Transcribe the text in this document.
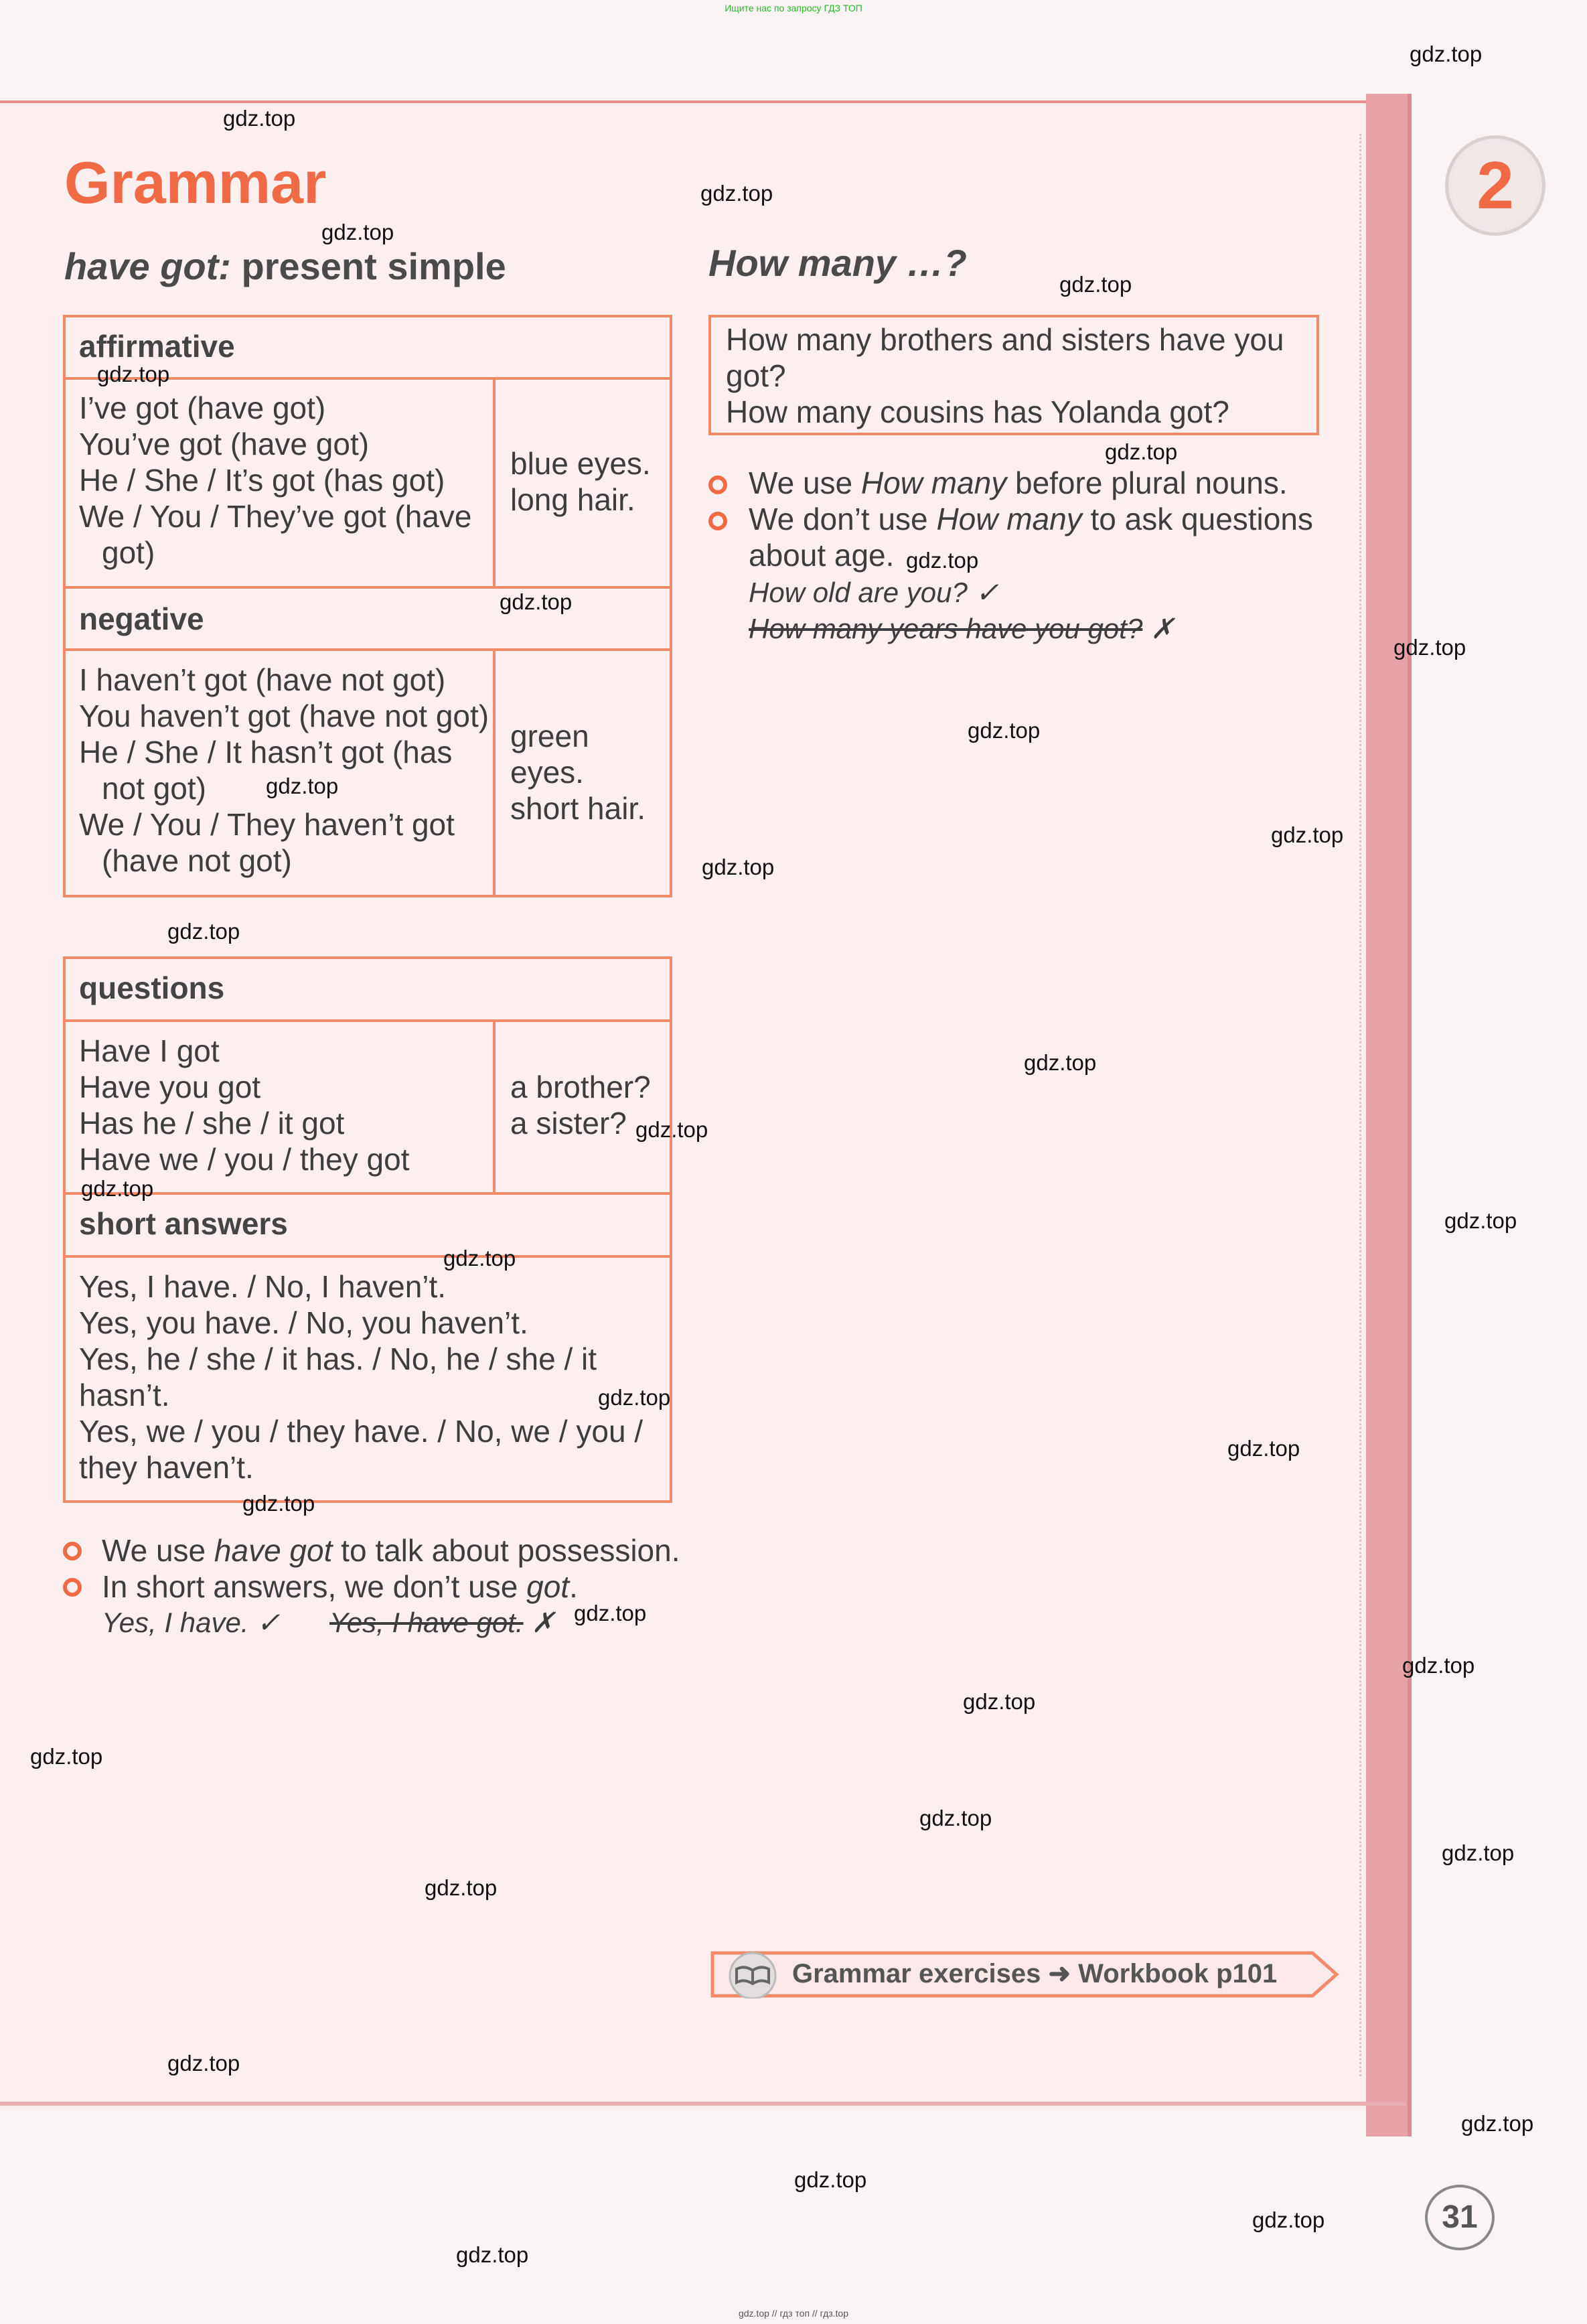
Ищите нас по запросу ГДЗ ТОП
2
Grammar
have got: present simple	How many …?
affirmative
I’ve got (have got)
You’ve got (have got)
He / She / It’s got (has got)
We / You / They’ve got (have
got)
blue eyes.
long hair.
negative
I haven’t got (have not got)
You haven’t got (have not got)
He / She / It hasn’t got (has
not got)
We / You / They haven’t got
(have not got)
green
eyes.
short hair.
questions
Have I got
Have you got
Has he / she / it got
Have we / you / they got
a brother?
a sister?
short answers
Yes, I have. / No, I haven’t.
Yes, you have. / No, you haven’t.
Yes, he / she / it has. / No, he / she / it
hasn’t.
Yes, we / you / they have. / No, we / you /
they haven’t.
We use have got to talk about possession.
In short answers, we don’t use got.
Yes, I have. ✓ Yes, I have got. ✗
How many brothers and sisters have you
got?
How many cousins has Yolanda got?
We use How many before plural nouns.
We don’t use How many to ask questions
about age.
How old are you? ✓
How many years have you got? ✗
Grammar exercises ➜ Workbook p101
31
gdz.top
gdz.top
gdz.top
gdz.top
gdz.top
gdz.top
gdz.top
gdz.top
gdz.top
gdz.top
gdz.top
gdz.top
gdz.top
gdz.top
gdz.top
gdz.top
gdz.top
gdz.top
gdz.top
gdz.top
gdz.top
gdz.top
gdz.top
gdz.top
gdz.top
gdz.top
gdz.top
gdz.top
gdz.top
gdz.top
gdz.top
gdz.top
gdz.top
gdz.top
gdz.top
gdz.top // гдз топ // гдз.top
